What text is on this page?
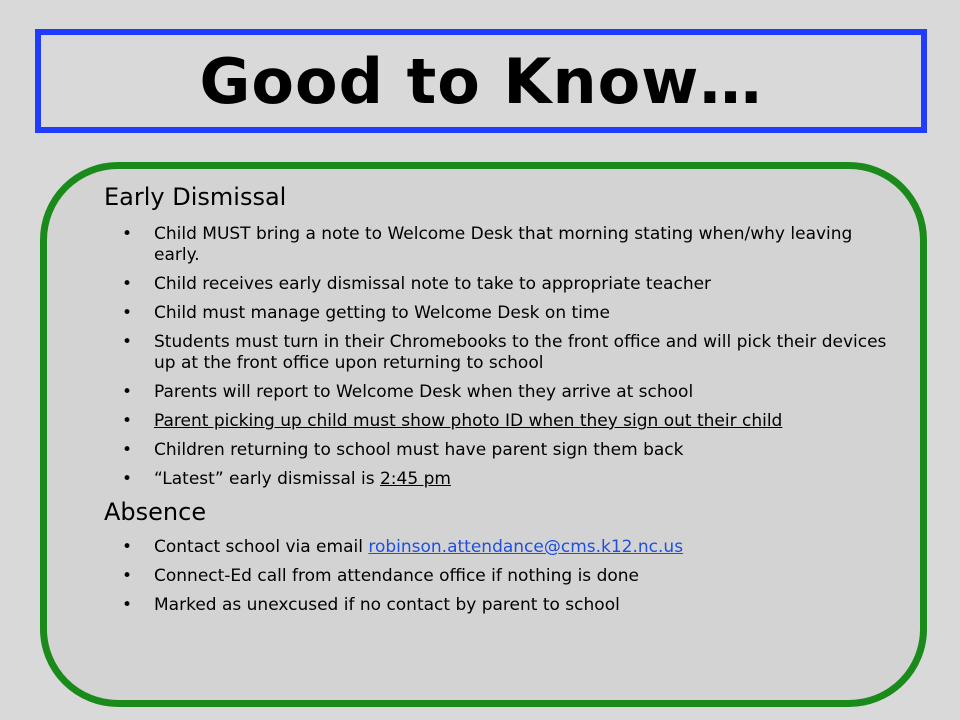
Good to Know…
Early Dismissal
• Child MUST bring a note to Welcome Desk that morning stating when/why leaving early.
• Child receives early dismissal note to take to appropriate teacher
• Child must manage getting to Welcome Desk on time
• Students must turn in their Chromebooks to the front office and will pick their devices up at the front office upon returning to school
• Parents will report to Welcome Desk when they arrive at school
• Parent picking up child must show photo ID when they sign out their child
• Children returning to school must have parent sign them back
• “Latest” early dismissal is 2:45 pm
Absence
• Contact school via email robinson.attendance@cms.k12.nc.us
• Connect-Ed call from attendance office if nothing is done
• Marked as unexcused if no contact by parent to school
